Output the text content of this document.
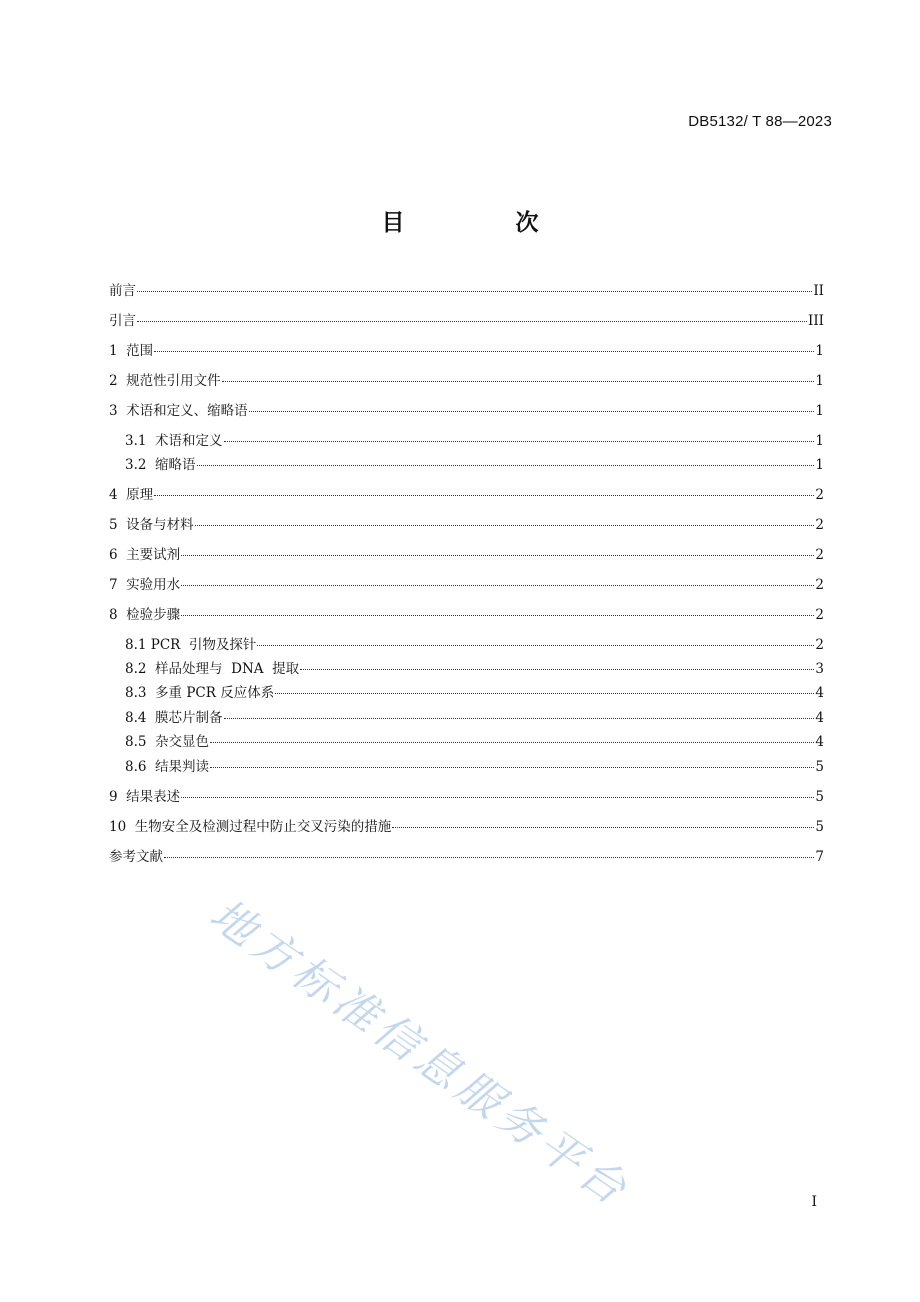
DB5132/ T 88—2023
目　次
前言	II
引言	III
1  范围	1
2  规范性引用文件	1
3  术语和定义、缩略语	1
3.1  术语和定义	1
3.2  缩略语	1
4  原理	2
5  设备与材料	2
6  主要试剂	2
7  实验用水	2
8  检验步骤	2
8.1 PCR  引物及探针	2
8.2  样品处理与  DNA  提取	3
8.3  多重 PCR 反应体系	4
8.4  膜芯片制备	4
8.5  杂交显色	4
8.6  结果判读	5
9  结果表述	5
10  生物安全及检测过程中防止交叉污染的措施	5
参考文献	7
地方标准信息服务平台	I
